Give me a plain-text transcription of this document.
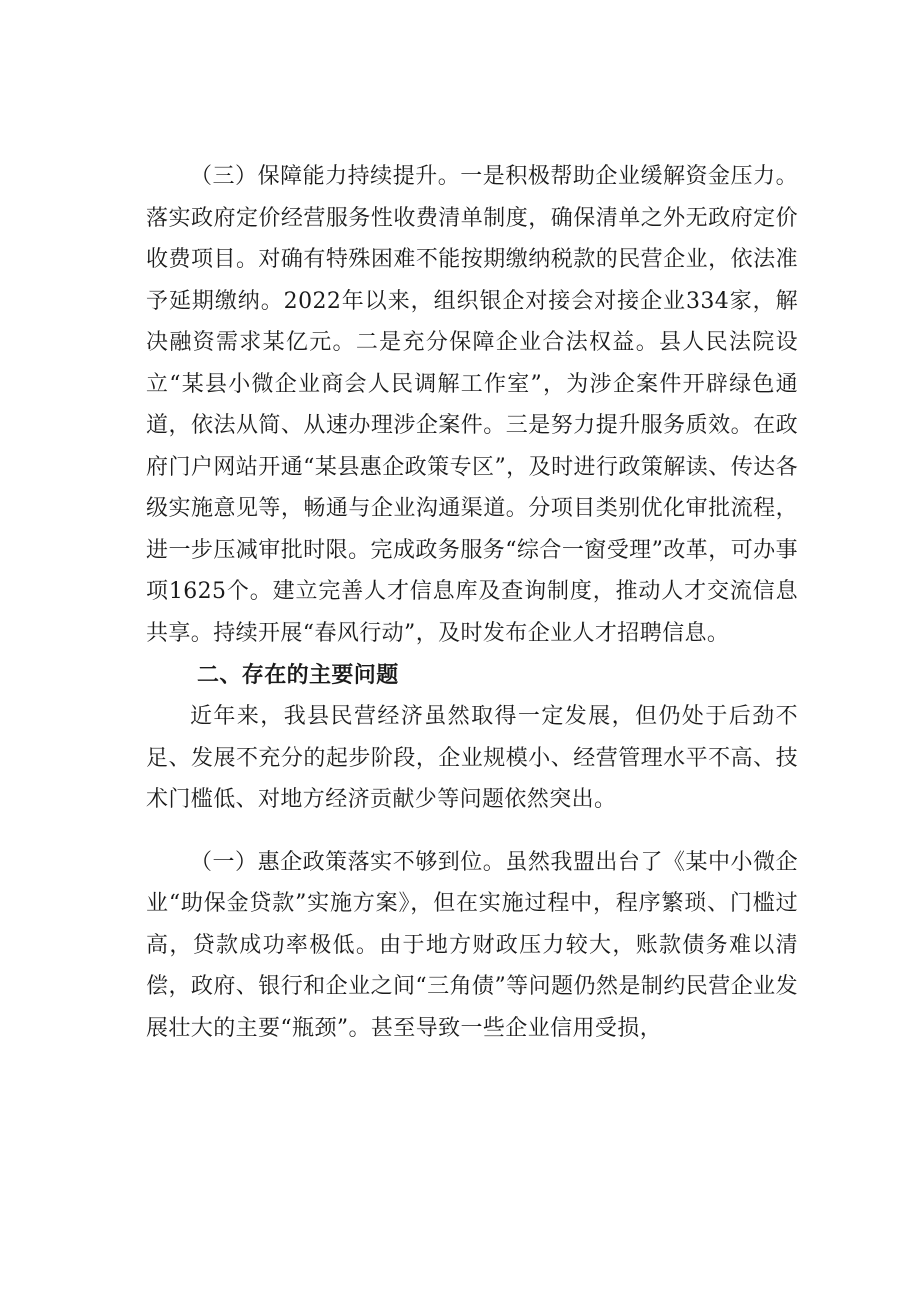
（三）保障能力持续提升。一是积极帮助企业缓解资金压力。落实政府定价经营服务性收费清单制度，确保清单之外无政府定价收费项目。对确有特殊困难不能按期缴纳税款的民营企业，依法准予延期缴纳。2022年以来，组织银企对接会对接企业334家，解决融资需求某亿元。二是充分保障企业合法权益。县人民法院设立“某县小微企业商会人民调解工作室”，为涉企案件开辟绿色通道，依法从简、从速办理涉企案件。三是努力提升服务质效。在政府门户网站开通“某县惠企政策专区”，及时进行政策解读、传达各级实施意见等，畅通与企业沟通渠道。分项目类别优化审批流程，进一步压减审批时限。完成政务服务“综合一窗受理”改革，可办事项1625个。建立完善人才信息库及查询制度，推动人才交流信息共享。持续开展“春风行动”，及时发布企业人才招聘信息。

二、存在的主要问题

近年来，我县民营经济虽然取得一定发展，但仍处于后劲不足、发展不充分的起步阶段，企业规模小、经营管理水平不高、技术门槛低、对地方经济贡献少等问题依然突出。

（一）惠企政策落实不够到位。虽然我盟出台了《某中小微企业“助保金贷款”实施方案》，但在实施过程中，程序繁琐、门槛过高，贷款成功率极低。由于地方财政压力较大，账款债务难以清偿，政府、银行和企业之间“三角债”等问题仍然是制约民营企业发展壮大的主要“瓶颈”。甚至导致一些企业信用受损，
